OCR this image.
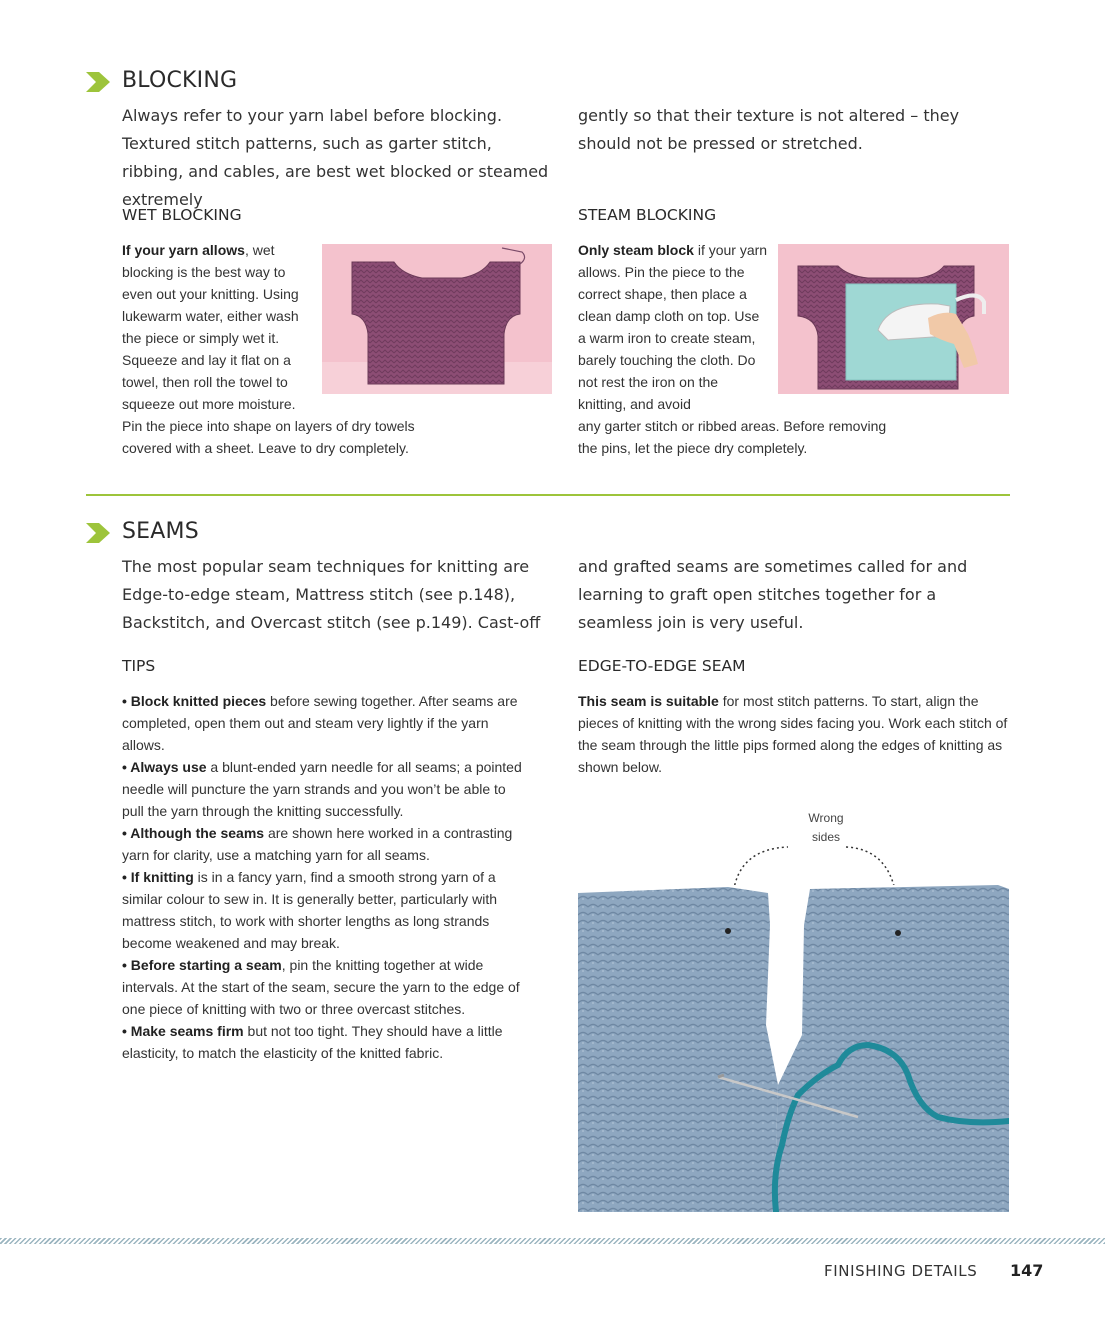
BLOCKING

Always refer to your yarn label before blocking. Textured stitch patterns, such as garter stitch, ribbing, and cables, are best wet blocked or steamed extremely

gently so that their texture is not altered – they should not be pressed or stretched.

WET BLOCKING

If your yarn allows, wet blocking is the best way to even out your knitting. Using lukewarm water, either wash the piece or simply wet it. Squeeze and lay it flat on a towel, then roll the towel to squeeze out more moisture.

Pin the piece into shape on layers of dry towels covered with a sheet. Leave to dry completely.

STEAM BLOCKING

Only steam block if your yarn allows. Pin the piece to the correct shape, then place a clean damp cloth on top. Use a warm iron to create steam, barely touching the cloth. Do not rest the iron on the knitting, and avoid

any garter stitch or ribbed areas. Before removing the pins, let the piece dry completely.

SEAMS

The most popular seam techniques for knitting are Edge-to-edge steam, Mattress stitch (see p.148), Backstitch, and Overcast stitch (see p.149). Cast-off

and grafted seams are sometimes called for and learning to graft open stitches together for a seamless join is very useful.

TIPS

• Block knitted pieces before sewing together. After seams are completed, open them out and steam very lightly if the yarn allows.

• Always use a blunt-ended yarn needle for all seams; a pointed needle will puncture the yarn strands and you won’t be able to pull the yarn through the knitting successfully.

• Although the seams are shown here worked in a contrasting yarn for clarity, use a matching yarn for all seams.

• If knitting is in a fancy yarn, find a smooth strong yarn of a similar colour to sew in. It is generally better, particularly with mattress stitch, to work with shorter lengths as long strands become weakened and may break.

• Before starting a seam, pin the knitting together at wide intervals. At the start of the seam, secure the yarn to the edge of one piece of knitting with two or three overcast stitches.

• Make seams firm but not too tight. They should have a little elasticity, to match the elasticity of the knitted fabric.

EDGE-TO-EDGE SEAM

This seam is suitable for most stitch patterns. To start, align the pieces of knitting with the wrong sides facing you. Work each stitch of the seam through the little pips formed along the edges of knitting as shown below.

Wrong
sides
FINISHING DETAILS 147
